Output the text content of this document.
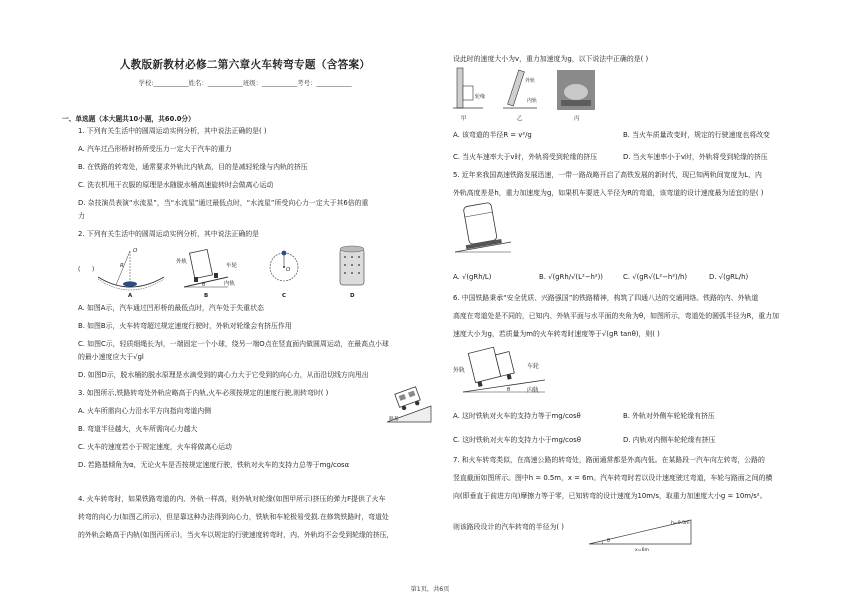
人教版新教材必修二第六章火车转弯专题（含答案）
学校:___________姓名：___________班级：___________考号：___________
一、单选题（本大题共10小题，共60.0分）
1. 下列有关生活中的圆周运动实例分析，其中说法正确的是( )
A. 汽车过凸形桥时桥所受压力一定大于汽车的重力
B. 在铁路的转弯处，通常要求外轨比内轨高，目的是减轻轮缘与内轨的挤压
C. 洗衣机甩干衣服的原理是水随脱水桶高速旋转时会做离心运动
D. 杂技演员表演“水流星”，当“水流星”通过最低点时，“水流星”所受向心力一定大于其6倍的重
力
2. 下列有关生活中的圆周运动实例分析，其中说法正确的是
( )
O
R
A
θ
外轨
车轮
内轨
B
O
C	D
A. 如图A示，汽车通过凹形桥的最低点时，汽车处于失重状态
B. 如图B示，火车转弯超过规定速度行驶时，外轨对轮缘会有挤压作用
C. 如图C示，轻质细绳长为l，一端固定一个小球，绕另一端O点在竖直面内做圆周运动，在最高点小球
的最小速度应大于√gl
D. 如图D示，脱水桶的脱水原理是水滴受到的离心力大于它受到的向心力，从而沿切线方向甩出
3. 如图所示,铁路转弯处外轨应略高于内轨,火车必须按规定的速度行驶,则转弯时( )
A. 火车所需向心力沿水平方向指向弯道内侧
B. 弯道半径越大，火车所需向心力越大
C. 火车的速度若小于规定速度，火车将做离心运动
D. 若路基倾角为α，无论火车是否按规定速度行驶，铁轨对火车的支持力总等于mg/cosα
路基
4. 火车转弯时，如果铁路弯道的内、外轨一样高，则外轨对轮缘(如图甲所示)挤压的弹力F提供了火车
转弯的向心力(如图乙所示)，但是靠这种办法得到向心力，铁轨和车轮极易受损.在修筑铁路时，弯道处
的外轨会略高于内轨(如图丙所示)，当火车以规定的行驶速度转弯时，内、外轨均不会受到轮缘的挤压，
设此时的速度大小为v，重力加速度为g，以下说法中正确的是( )
轮缘
甲
外轨
内轨
乙	丙
A. 该弯道的半径R = v²/g	B. 当火车质量改变时，规定的行驶速度也将改变
C. 当火车速率大于v时，外轨将受到轮缘的挤压	D. 当火车速率小于v时，外轨将受到轮缘的挤压
5. 近年来我国高速铁路发展迅速，一带一路战略开启了高铁发展的新时代，现已知两轨间宽度为L，内
外轨高度差是h，重力加速度为g，如果机车要进入半径为R的弯道，该弯道的设计速度最为适宜的是( )
A. √(gRh/L)	B. √(gRh/√(L²−h²))	C. √(gR√(L²−h²)/h)	D. √(gRL/h)
6. 中国铁路秉承“安全优质、兴路强国”的铁路精神，构筑了四通八达的交通网络。铁路的内、外轨道
高度在弯道处是不同的，已知内、外轨平面与水平面的夹角为θ，如图所示，弯道处的圆弧半径为R，重力加
速度大小为g，若质量为m的火车转弯时速度等于√(gR tanθ)，则( )
θ
外轨
车轮
内轨
A. 这时铁轨对火车的支持力等于mg/cosθ	B. 外轨对外侧车轮轮缘有挤压
C. 这时铁轨对火车的支持力小于mg/cosθ	D. 内轨对内侧车轮轮缘有挤压
7. 和火车转弯类似，在高速公路的转弯处，路面通常都是外高内低。在某路段一汽车向左转弯，公路的
竖直截面如图所示。图中h = 0.5m，x = 6m。汽车转弯时若以设计速度驶过弯道，车轮与路面之间的横
向(即垂直于前进方向)摩擦力等于零，已知转弯的设计速度为10m/s，取重力加速度大小g = 10m/s²。
则该路段设计的汽车转弯的半径为( )
θ
h=0.5m
x=6m
第1页，共6页
